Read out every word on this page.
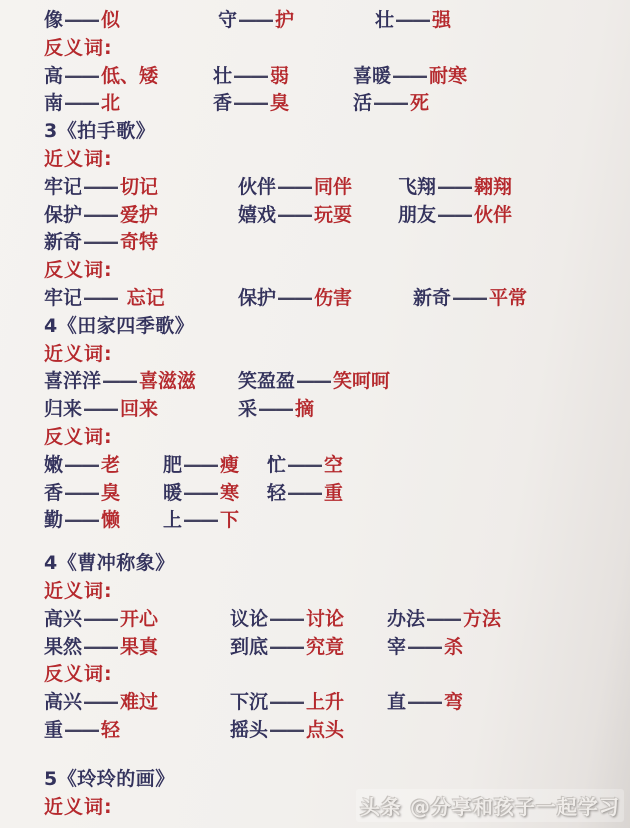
像—— 似	守—— 护	壮—— 强
反义词:
高—— 低、矮	壮—— 弱	喜暖—— 耐寒
南—— 北	香—— 臭	活—— 死
3《拍手歌》
近义词:
牢记—— 切记	伙伴—— 同伴	飞翔—— 翱翔
保护—— 爱护	嬉戏—— 玩耍	朋友—— 伙伴
新奇—— 奇特
反义词:
牢记—— 忘记	保护—— 伤害	新奇—— 平常
4《田家四季歌》
近义词:
喜洋洋—— 喜滋滋	笑盈盈—— 笑呵呵
归来—— 回来	采—— 摘
反义词:
嫩—— 老	肥—— 瘦	忙—— 空
香—— 臭	暖—— 寒	轻—— 重
勤—— 懒	上—— 下
4《曹冲称象》
近义词:
高兴—— 开心	议论—— 讨论	办法—— 方法
果然—— 果真	到底—— 究竟	宰—— 杀
反义词:
高兴—— 难过	下沉—— 上升	直—— 弯
重—— 轻	摇头—— 点头
5《玲玲的画》
近义词:	头条 @分享和孩子一起学习
